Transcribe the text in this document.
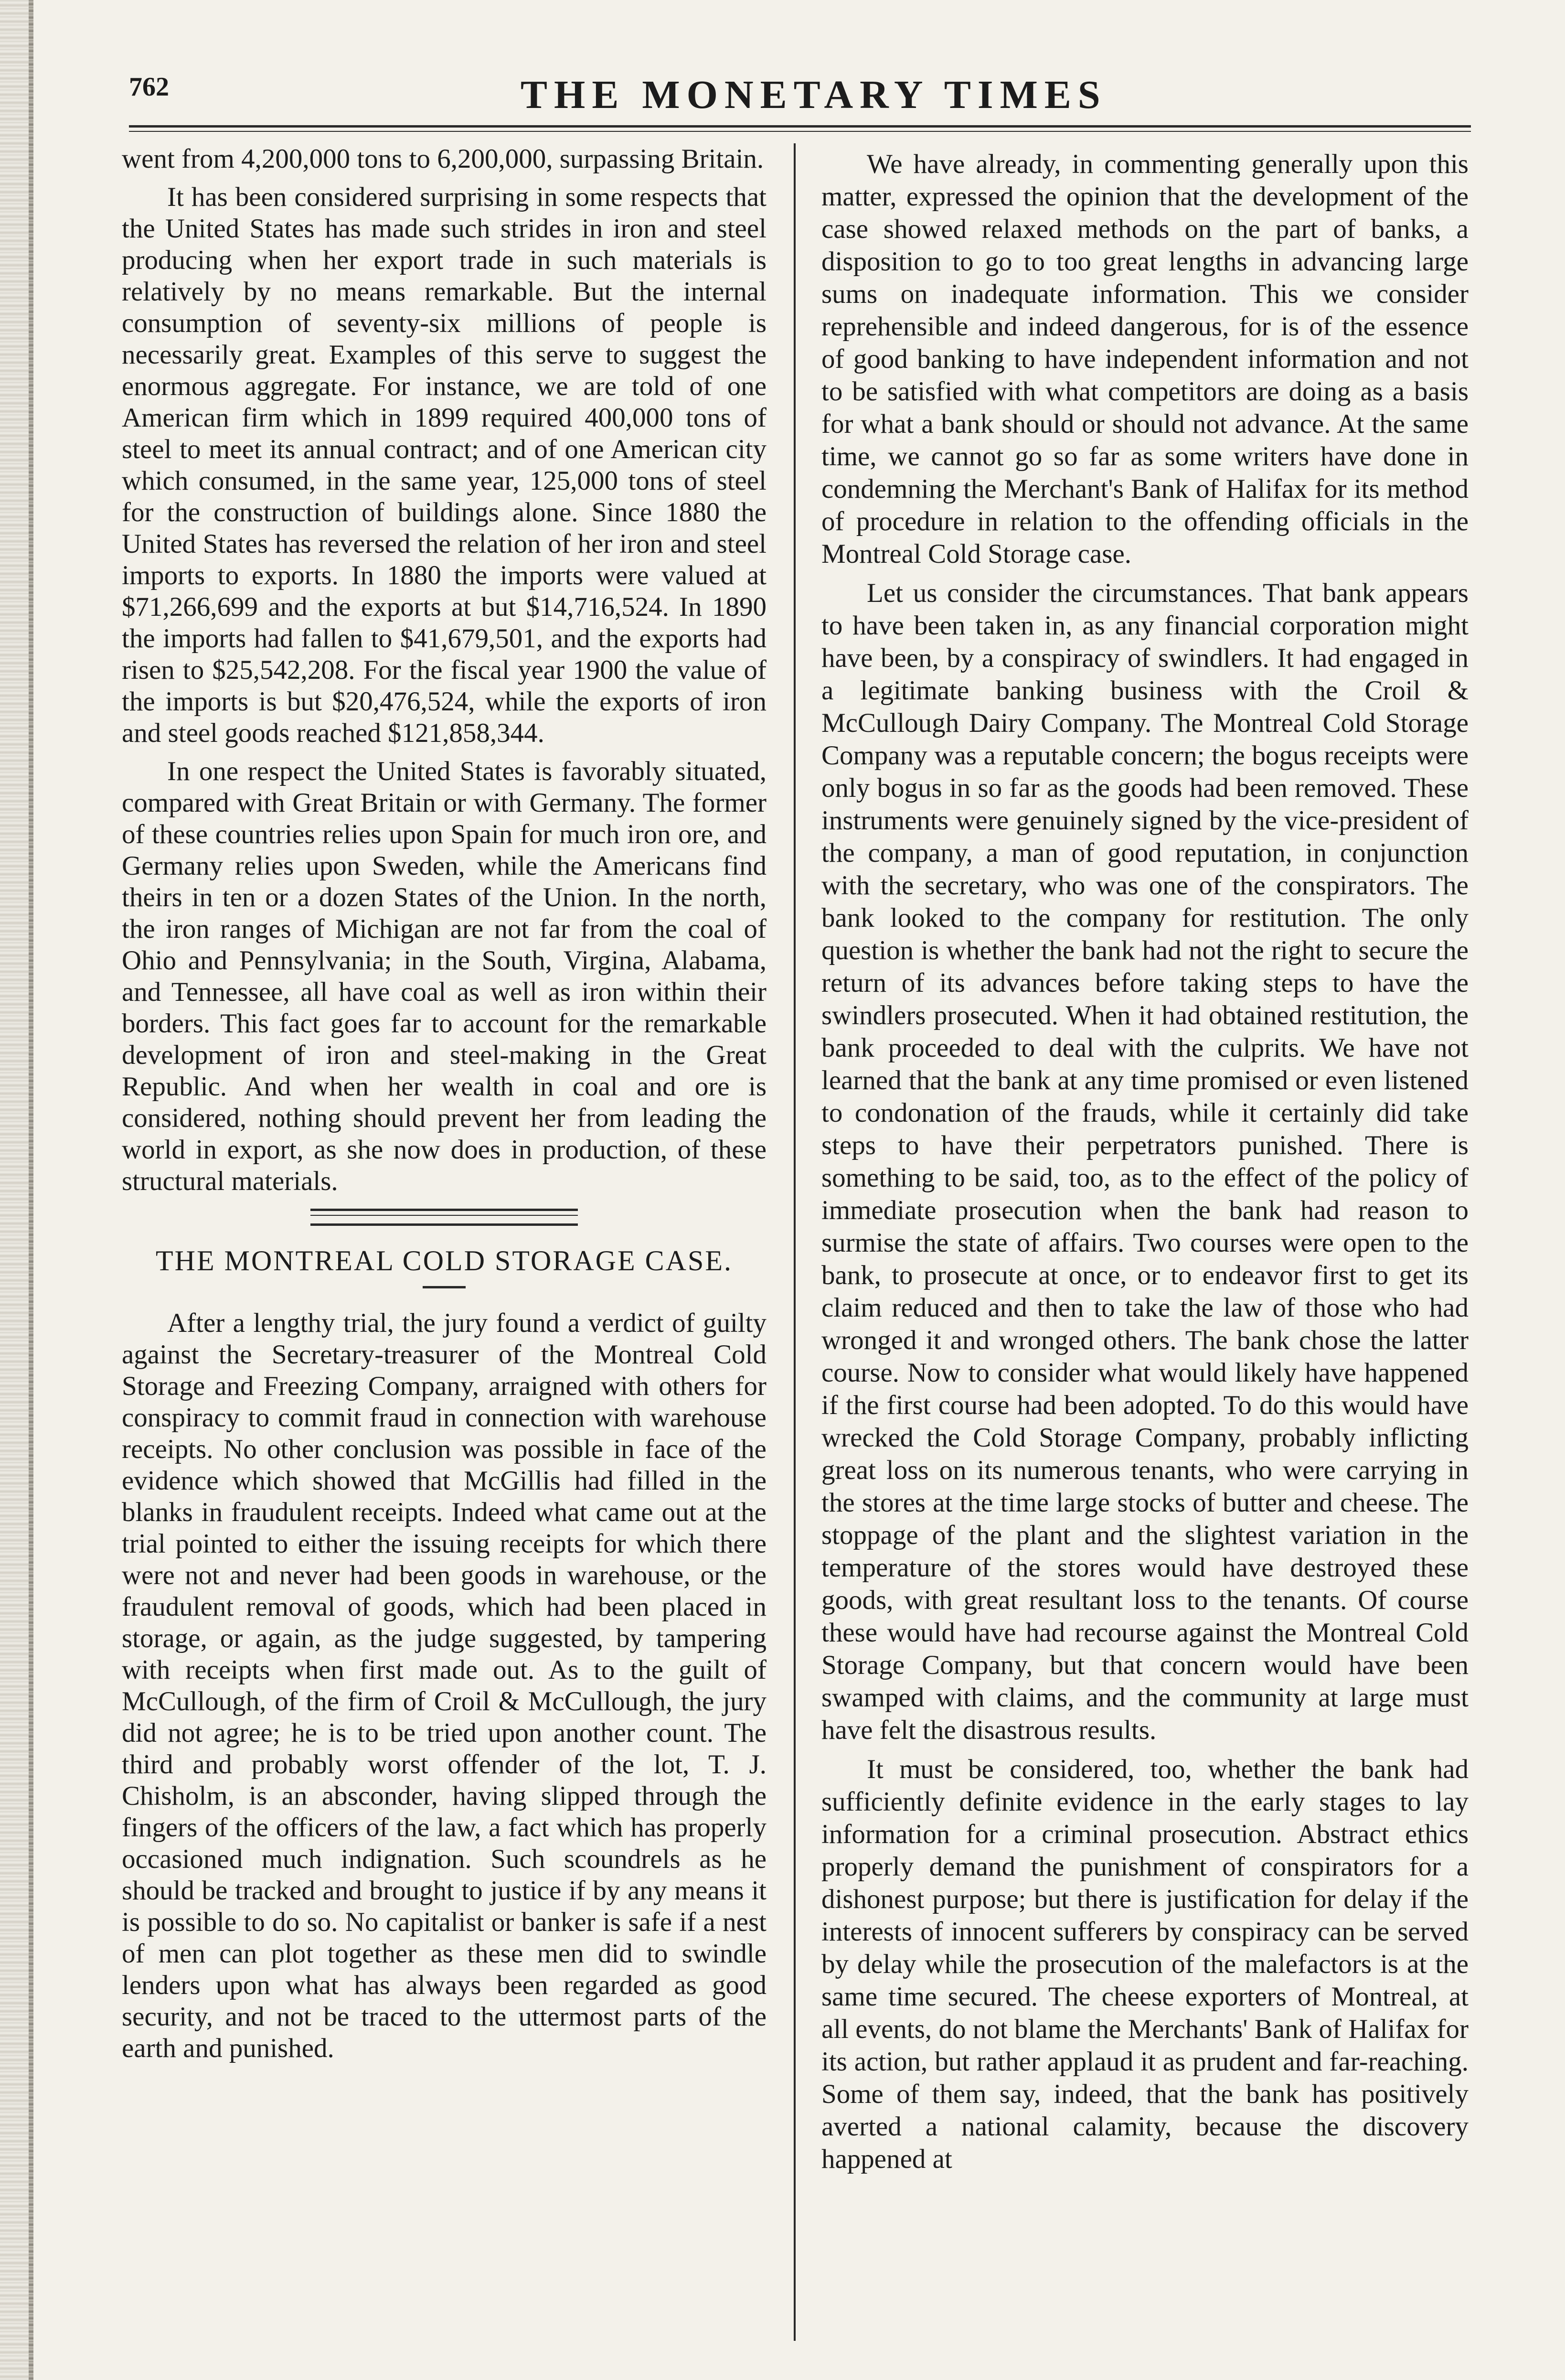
762	THE MONETARY TIMES

went from 4,200,000 tons to 6,200,000, surpassing Britain.

It has been considered surprising in some respects that the United States has made such strides in iron and steel producing when her export trade in such materials is relatively by no means remarkable. But the internal consumption of seventy-six millions of people is necessarily great. Examples of this serve to suggest the enormous aggregate. For instance, we are told of one American firm which in 1899 required 400,000 tons of steel to meet its annual contract; and of one American city which consumed, in the same year, 125,000 tons of steel for the construction of buildings alone. Since 1880 the United States has reversed the relation of her iron and steel imports to exports. In 1880 the imports were valued at $71,266,699 and the exports at but $14,716,524. In 1890 the imports had fallen to $41,679,501, and the exports had risen to $25,542,208. For the fiscal year 1900 the value of the imports is but $20,476,524, while the exports of iron and steel goods reached $121,858,344.

In one respect the United States is favorably situated, compared with Great Britain or with Germany. The former of these countries relies upon Spain for much iron ore, and Germany relies upon Sweden, while the Americans find theirs in ten or a dozen States of the Union. In the north, the iron ranges of Michigan are not far from the coal of Ohio and Pennsylvania; in the South, Virgina, Alabama, and Tennessee, all have coal as well as iron within their borders. This fact goes far to account for the remarkable development of iron and steel-making in the Great Republic. And when her wealth in coal and ore is considered, nothing should prevent her from leading the world in export, as she now does in production, of these structural materials.

THE MONTREAL COLD STORAGE CASE.

After a lengthy trial, the jury found a verdict of guilty against the Secretary-treasurer of the Montreal Cold Storage and Freezing Company, arraigned with others for conspiracy to commit fraud in connection with warehouse receipts. No other conclusion was possible in face of the evidence which showed that McGillis had filled in the blanks in fraudulent receipts. Indeed what came out at the trial pointed to either the issuing receipts for which there were not and never had been goods in warehouse, or the fraudulent removal of goods, which had been placed in storage, or again, as the judge suggested, by tampering with receipts when first made out. As to the guilt of McCullough, of the firm of Croil & McCullough, the jury did not agree; he is to be tried upon another count. The third and probably worst offender of the lot, T. J. Chisholm, is an absconder, having slipped through the fingers of the officers of the law, a fact which has properly occasioned much indignation. Such scoundrels as he should be tracked and brought to justice if by any means it is possible to do so. No capitalist or banker is safe if a nest of men can plot together as these men did to swindle lenders upon what has always been regarded as good security, and not be traced to the uttermost parts of the earth and punished.

We have already, in commenting generally upon this matter, expressed the opinion that the development of the case showed relaxed methods on the part of banks, a disposition to go to too great lengths in advancing large sums on inadequate information. This we consider reprehensible and indeed dangerous, for is of the essence of good banking to have independent information and not to be satisfied with what competitors are doing as a basis for what a bank should or should not advance. At the same time, we cannot go so far as some writers have done in condemning the Merchant's Bank of Halifax for its method of procedure in relation to the offending officials in the Montreal Cold Storage case.

Let us consider the circumstances. That bank appears to have been taken in, as any financial corporation might have been, by a conspiracy of swindlers. It had engaged in a legitimate banking business with the Croil & McCullough Dairy Company. The Montreal Cold Storage Company was a reputable concern; the bogus receipts were only bogus in so far as the goods had been removed. These instruments were genuinely signed by the vice-president of the company, a man of good reputation, in conjunction with the secretary, who was one of the conspirators. The bank looked to the company for restitution. The only question is whether the bank had not the right to secure the return of its advances before taking steps to have the swindlers prosecuted. When it had obtained restitution, the bank proceeded to deal with the culprits. We have not learned that the bank at any time promised or even listened to condonation of the frauds, while it certainly did take steps to have their perpetrators punished. There is something to be said, too, as to the effect of the policy of immediate prosecution when the bank had reason to surmise the state of affairs. Two courses were open to the bank, to prosecute at once, or to endeavor first to get its claim reduced and then to take the law of those who had wronged it and wronged others. The bank chose the latter course. Now to consider what would likely have happened if the first course had been adopted. To do this would have wrecked the Cold Storage Company, probably inflicting great loss on its numerous tenants, who were carrying in the stores at the time large stocks of butter and cheese. The stoppage of the plant and the slightest variation in the temperature of the stores would have destroyed these goods, with great resultant loss to the tenants. Of course these would have had recourse against the Montreal Cold Storage Company, but that concern would have been swamped with claims, and the community at large must have felt the disastrous results.

It must be considered, too, whether the bank had sufficiently definite evidence in the early stages to lay information for a criminal prosecution. Abstract ethics properly demand the punishment of conspirators for a dishonest purpose; but there is justification for delay if the interests of innocent sufferers by conspiracy can be served by delay while the prosecution of the malefactors is at the same time secured. The cheese exporters of Montreal, at all events, do not blame the Merchants' Bank of Halifax for its action, but rather applaud it as prudent and far-reaching. Some of them say, indeed, that the bank has positively averted a national calamity, because the discovery happened at
